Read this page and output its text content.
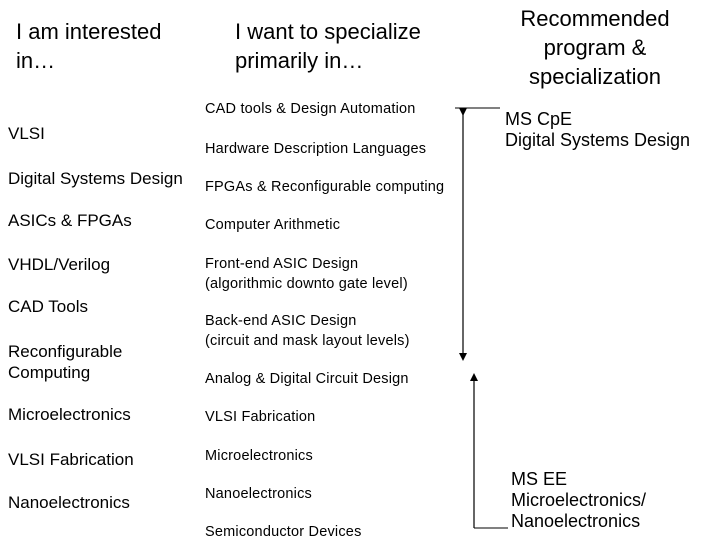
I am interested
in…
I want to specialize
primarily in…
Recommended
program &
specialization
VLSI
Digital Systems Design
ASICs & FPGAs
VHDL/Verilog
CAD Tools
Reconfigurable
Computing
Microelectronics
VLSI Fabrication
Nanoelectronics
CAD tools & Design Automation
Hardware Description Languages
FPGAs & Reconfigurable computing
Computer Arithmetic
Front-end ASIC Design
(algorithmic downto gate level)
Back-end ASIC Design
(circuit and mask layout levels)
Analog & Digital Circuit Design
VLSI Fabrication
Microelectronics
Nanoelectronics
Semiconductor Devices
MS CpE
Digital Systems Design
MS EE
Microelectronics/
Nanoelectronics
